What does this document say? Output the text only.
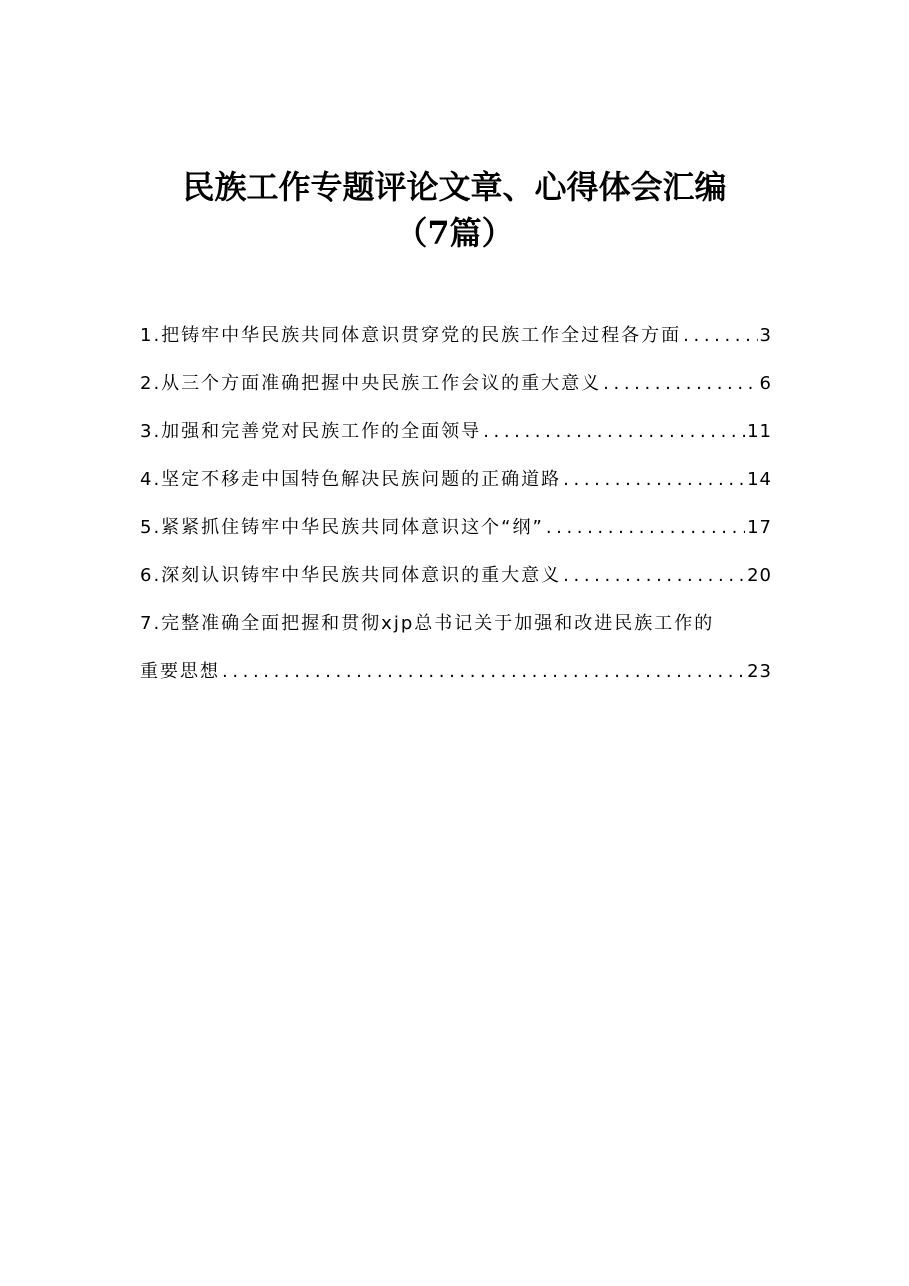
民族工作专题评论文章、心得体会汇编
（7篇）
1.把铸牢中华民族共同体意识贯穿党的民族工作全过程各方面 .....	3
2.从三个方面准确把握中央民族工作会议的重大意义 .....	6
3.加强和完善党对民族工作的全面领导 .....	11
4.坚定不移走中国特色解决民族问题的正确道路 .....	14
5.紧紧抓住铸牢中华民族共同体意识这个“纲” .....	17
6.深刻认识铸牢中华民族共同体意识的重大意义 .....	20
7.完整准确全面把握和贯彻xjp总书记关于加强和改进民族工作的
重要思想 .....	23
